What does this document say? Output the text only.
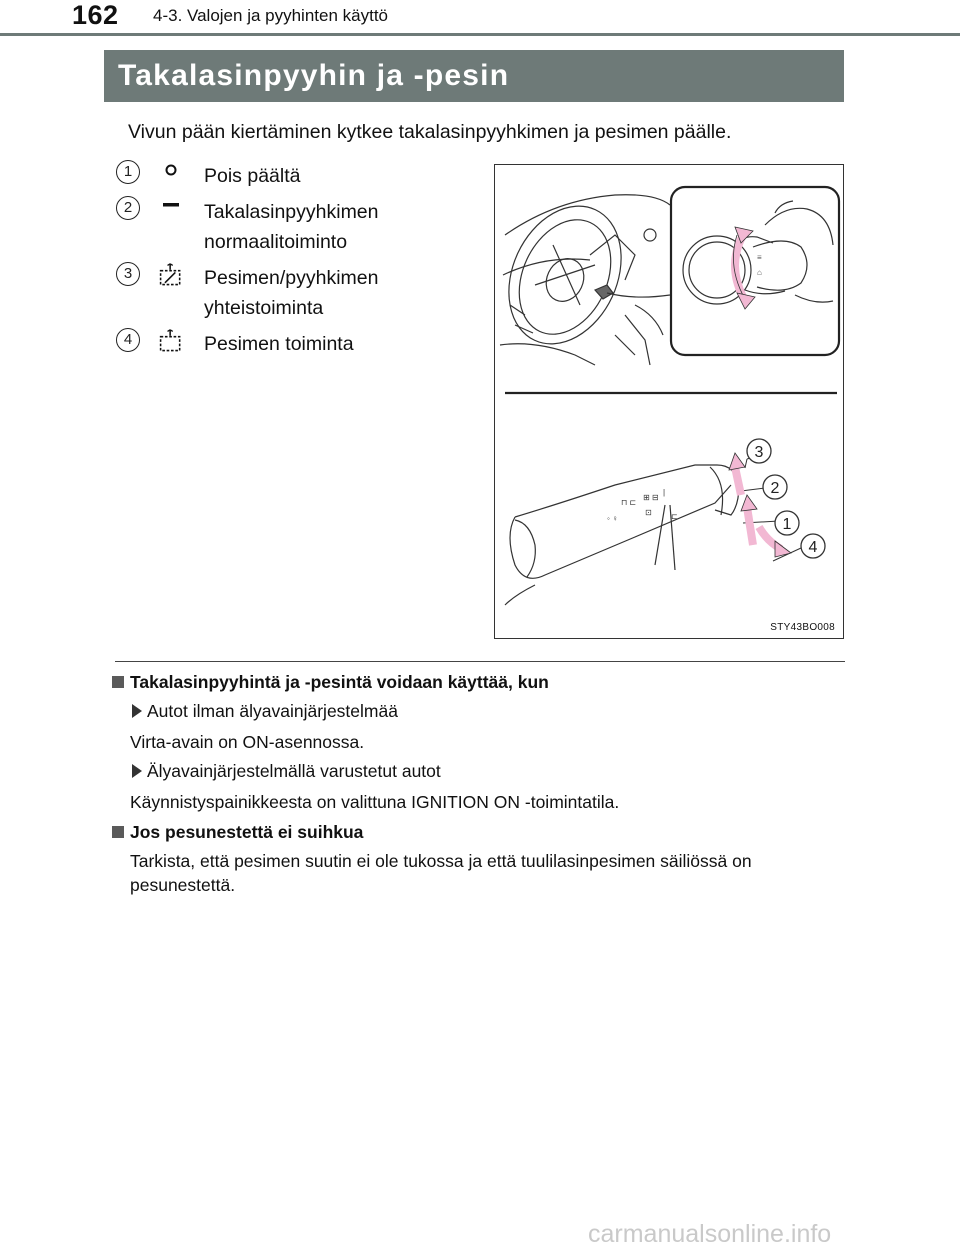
162 4-3. Valojen ja pyyhinten käyttö
Takalasinpyyhin ja -pesin
Vivun pään kiertäminen kytkee takalasinpyyhkimen ja pesimen päälle.
1	Pois päältä
2	Takalasinpyyhkimen normaalitoiminto
3	Pesimen/pyyhkimen yhteistoiminta
4	Pesimen toiminta
≡
⌂
◦ ♀
⊓ ⊏
⊞ ⊟
|
⊡ ⊏
3
2
1
4
STY43BO008
Takalasinpyyhintä ja -pesintä voidaan käyttää, kun
Autot ilman älyavainjärjestelmää
Virta-avain on ON-asennossa.
Älyavainjärjestelmällä varustetut autot
Käynnistyspainikkeesta on valittuna IGNITION ON -toimintatila.
Jos pesunestettä ei suihkua
Tarkista, että pesimen suutin ei ole tukossa ja että tuulilasinpesimen säiliössä on pesunestettä.
carmanualsonline.info
